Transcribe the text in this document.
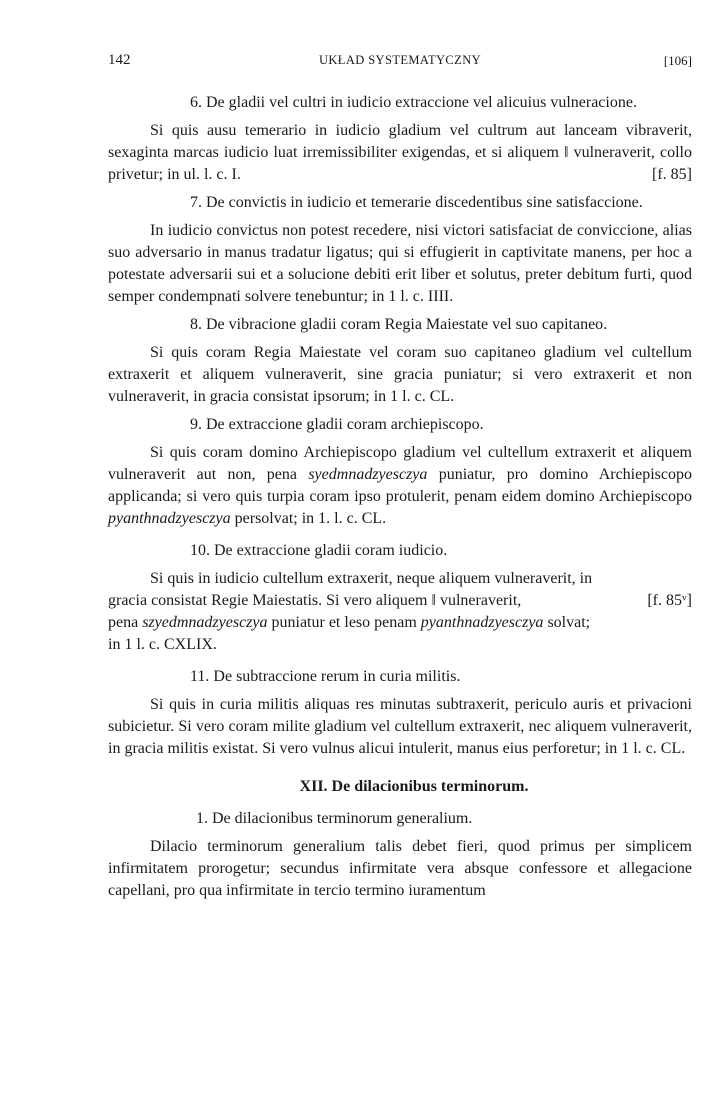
142	UKŁAD SYSTEMATYCZNY	[106]

6. De gladii vel cultri in iudicio extraccione vel alicuius vulneracione.

Si quis ausu temerario in iudicio gladium vel cultrum aut lanceam vibraverit, sexaginta marcas iudicio luat irremissibiliter exigendas, et si aliquem ‖ vulneraverit, collo privetur; in ul. l. c. I.	[f. 85]

7. De convictis in iudicio et temerarie discedentibus sine satisfaccione.

In iudicio convictus non potest recedere, nisi victori satisfaciat de conviccione, alias suo adversario in manus tradatur ligatus; qui si effugierit in captivitate manens, per hoc a potestate adversarii sui et a solucione debiti erit liber et solutus, preter debitum furti, quod semper condempnati solvere tenebuntur; in 1 l. c. IIII.

8. De vibracione gladii coram Regia Maiestate vel suo capitaneo.

Si quis coram Regia Maiestate vel coram suo capitaneo gladium vel cultellum extraxerit et aliquem vulneraverit, sine gracia puniatur; si vero extraxerit et non vulneraverit, in gracia consistat ipsorum; in 1 l. c. CL.

9. De extraccione gladii coram archiepiscopo.

Si quis coram domino Archiepiscopo gladium vel cultellum extraxerit et aliquem vulneraverit aut non, pena syedmnadzyesczya puniatur, pro domino Archiepiscopo applicanda; si vero quis turpia coram ipso protulerit, penam eidem domino Archiepiscopo pyanthnadzyesczya persolvat; in 1. l. c. CL.

10. De extraccione gladii coram iudicio.

Si quis in iudicio cultellum extraxerit, neque aliquem vulneraverit, in
gracia consistat Regie Maiestatis. Si vero aliquem ‖ vulneraverit,	[f. 85ᵛ]
pena szyedmnadzyesczya puniatur et leso penam pyanthnadzyesczya solvat;
in 1 l. c. CXLIX.

11. De subtraccione rerum in curia militis.

Si quis in curia militis aliquas res minutas subtraxerit, periculo auris et privacioni subicietur. Si vero coram milite gladium vel cultellum extraxerit, nec aliquem vulneraverit, in gracia militis existat. Si vero vulnus alicui intulerit, manus eius perforetur; in 1 l. c. CL.

XII. De dilacionibus terminorum.

1. De dilacionibus terminorum generalium.

Dilacio terminorum generalium talis debet fieri, quod primus per simplicem infirmitatem prorogetur; secundus infirmitate vera absque confessore et allegacione capellani, pro qua infirmitate in tercio termino iuramentum
